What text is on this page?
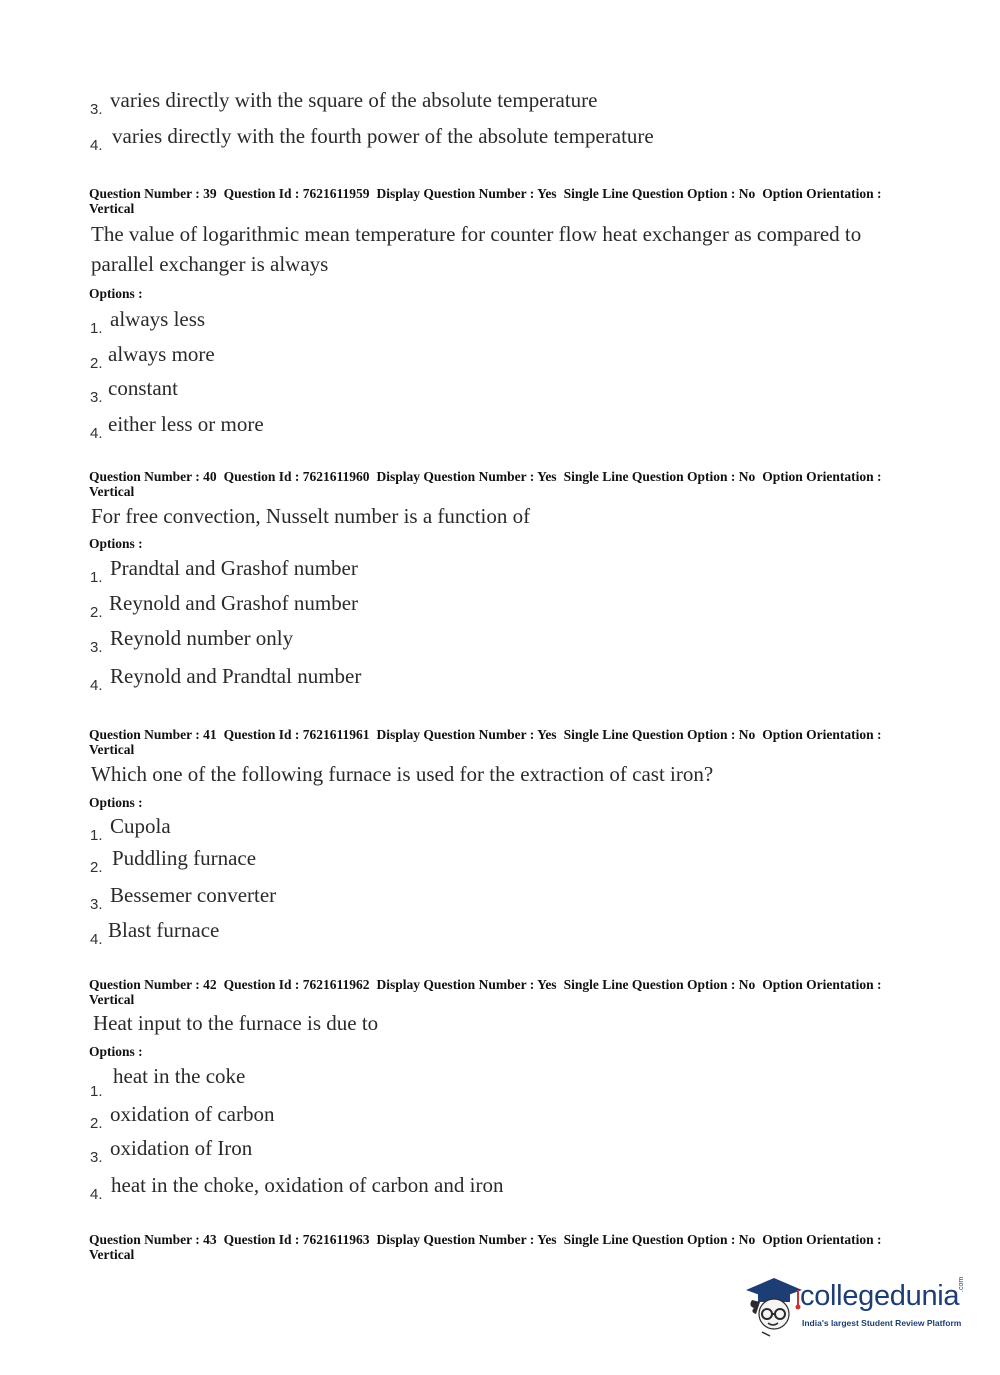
3. varies directly with the square of the absolute temperature
4. varies directly with the fourth power of the absolute temperature
Question Number : 39 Question Id : 7621611959 Display Question Number : Yes Single Line Question Option : No Option Orientation : Vertical
The value of logarithmic mean temperature for counter flow heat exchanger as compared to parallel exchanger is always
Options :
1. always less
2. always more
3. constant
4. either less or more
Question Number : 40 Question Id : 7621611960 Display Question Number : Yes Single Line Question Option : No Option Orientation : Vertical
For free convection, Nusselt number is a function of
Options :
1. Prandtal and Grashof number
2. Reynold and Grashof number
3. Reynold number only
4. Reynold and Prandtal number
Question Number : 41 Question Id : 7621611961 Display Question Number : Yes Single Line Question Option : No Option Orientation : Vertical
Which one of the following furnace is used for the extraction of cast iron?
Options :
1. Cupola
2. Puddling furnace
3. Bessemer converter
4. Blast furnace
Question Number : 42 Question Id : 7621611962 Display Question Number : Yes Single Line Question Option : No Option Orientation : Vertical
Heat input to the furnace is due to
Options :
1.
heat in the coke
2. oxidation of carbon
3. oxidation of Iron
4. heat in the choke, oxidation of carbon and iron
Question Number : 43 Question Id : 7621611963 Display Question Number : Yes Single Line Question Option : No Option Orientation : Vertical
collegedunia
.com
India's largest Student Review Platform
